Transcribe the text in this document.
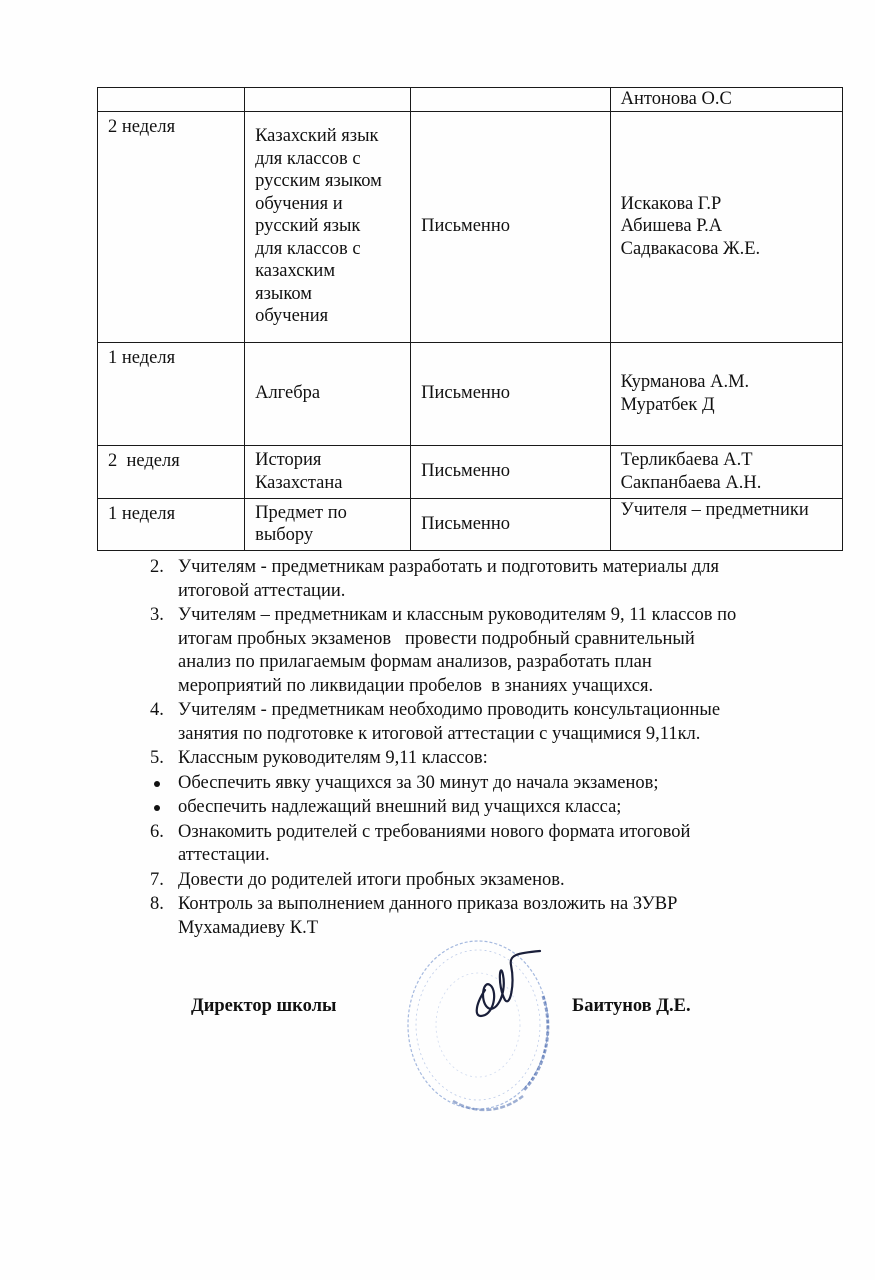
			Антонова О.С

2 неделя	Казахский язык
для классов с
русским языком
обучения и
русский язык
для классов с
казахским
языком
обучения
	Письменно	
Искакова Г.Р
Абишева Р.А
Садвакасова Ж.Е.

1 неделя	Алгебра	Письменно	Курманова А.М.
Муратбек Д

2  неделя	История
Казахстана	Письменно	Терликбаева А.Т
Сакпанбаева А.Н.

1 неделя	Предмет по
выбору	Письменно	Учителя – предметники
2. Учителям - предметникам разработать и подготовить материалы для
итоговой аттестации.
3. Учителям – предметникам и классным руководителям 9, 11 классов по
итогам пробных экзаменов   провести подробный сравнительный
анализ по прилагаемым формам анализов, разработать план
мероприятий по ликвидации пробелов  в знаниях учащихся.
4. Учителям - предметникам необходимо проводить консультационные
занятия по подготовке к итоговой аттестации с учащимися 9,11кл.
5. Классным руководителям 9,11 классов:
Обеспечить явку учащихся за 30 минут до начала экзаменов;
обеспечить надлежащий внешний вид учащихся класса;
6. Ознакомить родителей с требованиями нового формата итоговой
аттестации.
7. Довести до родителей итоги пробных экзаменов.
8. Контроль за выполнением данного приказа возложить на ЗУВР
Мухамадиеву К.Т
Директор школы	Баитунов Д.Е.
